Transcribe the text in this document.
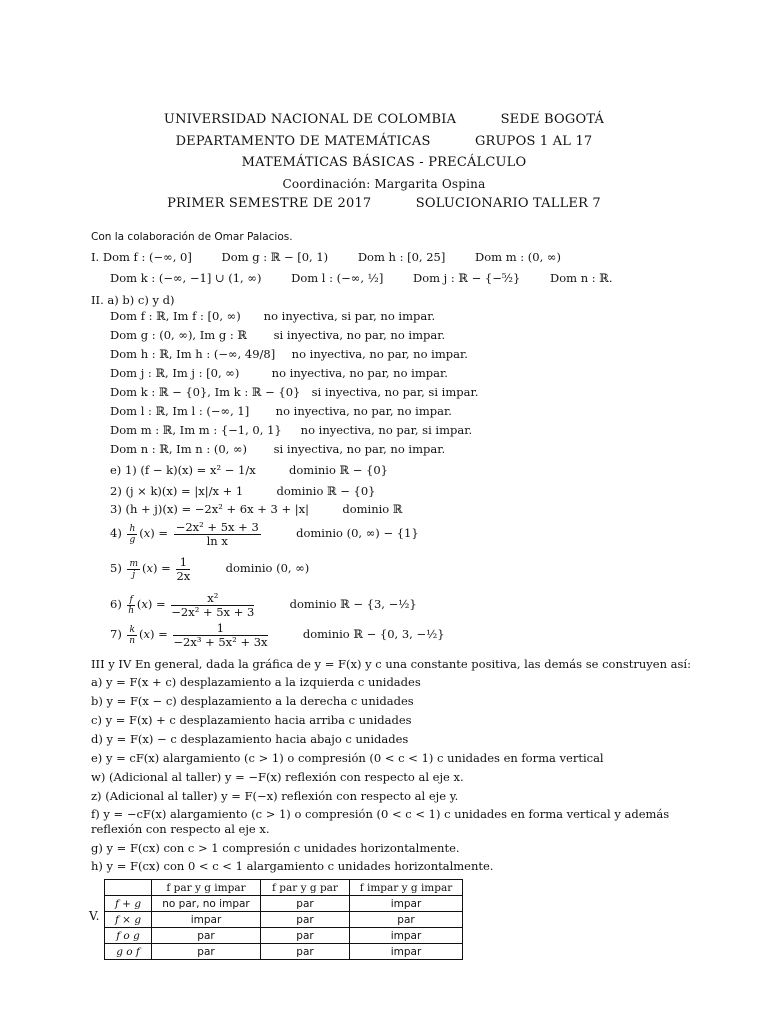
UNIVERSIDAD NACIONAL DE COLOMBIA	SEDE BOGOTÁ
DEPARTAMENTO DE MATEMÁTICAS	GRUPOS 1 AL 17
MATEMÁTICAS BÁSICAS - PRECÁLCULO
Coordinación: Margarita Ospina
PRIMER SEMESTRE DE 2017	SOLUCIONARIO TALLER 7
Con la colaboración de Omar Palacios.
I. Dom f : (−∞, 0]	Dom g : ℝ − [0, 1)	Dom h : [0, 25]	Dom m : (0, ∞)
Dom k : (−∞, −1] ∪ (1, ∞)	Dom l : (−∞, ½]	Dom j : ℝ − {−⁵⁄₂}	Dom n : ℝ.
II. a) b) c) y d)
Dom f : ℝ, Im f : [0, ∞) no inyectiva, si par, no impar.
Dom g : (0, ∞), Im g : ℝ si inyectiva, no par, no impar.
Dom h : ℝ, Im h : (−∞, 49/8] no inyectiva, no par, no impar.
Dom j : ℝ, Im j : [0, ∞)	no inyectiva, no par, no impar.
Dom k : ℝ − {0}, Im k : ℝ − {0} si inyectiva, no par, si impar.
Dom l : ℝ, Im l : (−∞, 1] no inyectiva, no par, no impar.
Dom m : ℝ, Im m : {−1, 0, 1} no inyectiva, no par, si impar.
Dom n : ℝ, Im n : (0, ∞) si inyectiva, no par, no impar.
e) 1) (f − k)(x) = x² − 1/x	dominio ℝ − {0}
2) (j × k)(x) = |x|/x + 1	dominio ℝ − {0}
3) (h + j)(x) = −2x² + 6x + 3 + |x|	dominio ℝ
$4) \frac{h}{g} (x) = \frac{\text{−2x² + 5x + 3}}{\text{ln x}}$	dominio (0, ∞) − {1}
$5) \frac{m}{j} (x) = \frac{1}{2x}$	dominio (0, ∞)
$6) \frac{f}{h} (x) = \frac{\text{x²}}{\text{−2x² + 5x + 3}}$	dominio ℝ − {3, −½}
$7) \frac{k}{n} (x) = \frac{1}{\text{−2x³ + 5x² + 3x}}$	dominio ℝ − {0, 3, −½}
III y IV En general, dada la gráfica de y = F(x) y c una constante positiva, las demás se construyen así:
a) y = F(x + c) desplazamiento a la izquierda c unidades
b) y = F(x − c) desplazamiento a la derecha c unidades
c) y = F(x) + c desplazamiento hacia arriba c unidades
d) y = F(x) − c desplazamiento hacia abajo c unidades
e) y = cF(x) alargamiento (c > 1) o compresión (0 < c < 1) c unidades en forma vertical
w) (Adicional al taller) y = −F(x) reflexión con respecto al eje x.
z) (Adicional al taller) y = F(−x) reflexión con respecto al eje y.
f) y = −cF(x) alargamiento (c > 1) o compresión (0 < c < 1) c unidades en forma vertical y además
reflexión con respecto al eje x.
g) y = F(cx) con c > 1 compresión c unidades horizontalmente.
h) y = F(cx) con 0 < c < 1 alargamiento c unidades horizontalmente.
V.
	f par y g impar	f par y g par	f impar y g impar
f + g	no par, no impar	par	impar
f × g	impar	par	par
f o g	par	par	impar
g o f	par	par	impar
